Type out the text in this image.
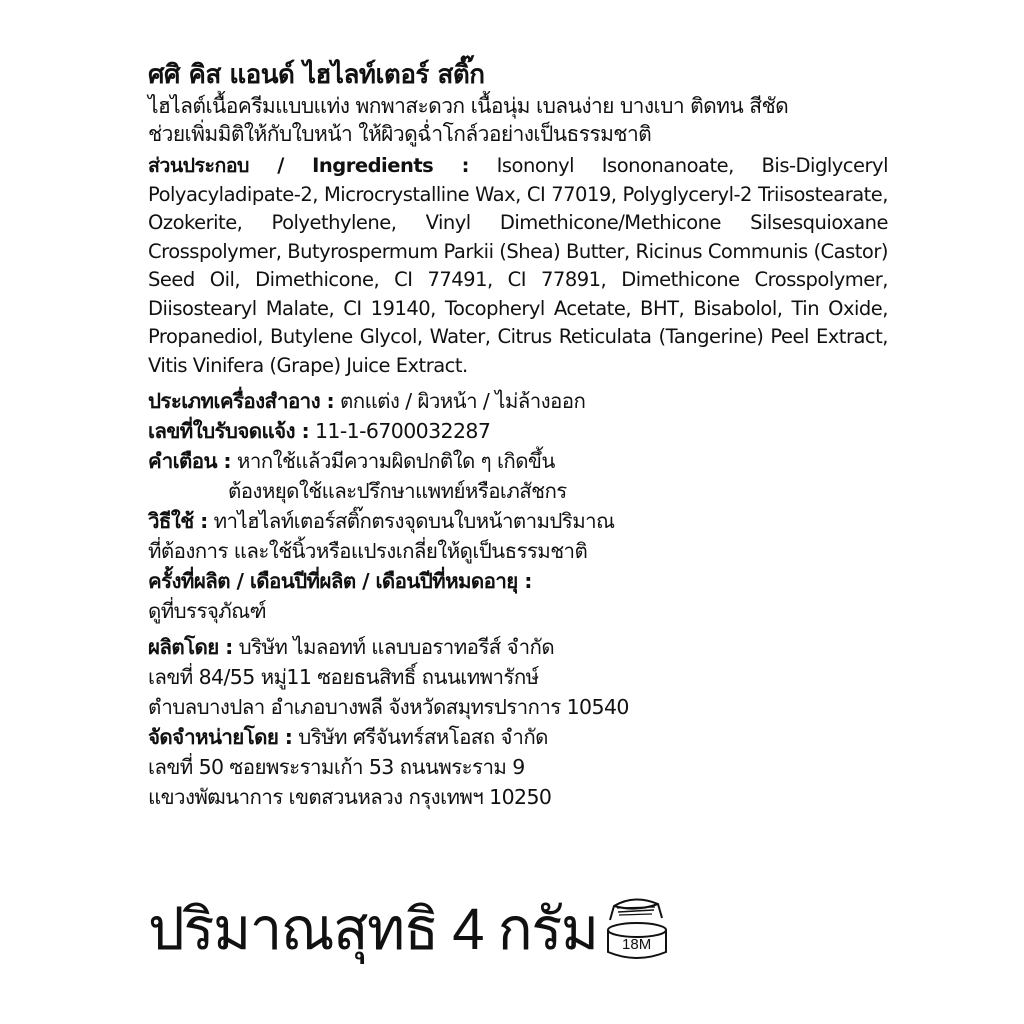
ศศิ คิส แอนด์ ไฮไลท์เตอร์ สติ๊ก
ไฮไลต์เนื้อครีมแบบแท่ง พกพาสะดวก เนื้อนุ่ม เบลนง่าย บางเบา ติดทน สีชัด
ช่วยเพิ่มมิติให้กับใบหน้า ให้ผิวดูฉ่ำโกล์วอย่างเป็นธรรมชาติ
ส่วนประกอบ / Ingredients : Isononyl Isononanoate, Bis-Diglyceryl Polyacyladipate-2, Microcrystalline Wax, CI 77019, Polyglyceryl-2 Triisostearate, Ozokerite, Polyethylene, Vinyl Dimethicone/Methicone Silsesquioxane Crosspolymer, Butyrospermum Parkii (Shea) Butter, Ricinus Communis (Castor) Seed Oil, Dimethicone, CI 77491, CI 77891, Dimethicone Crosspolymer, Diisostearyl Malate, CI 19140, Tocopheryl Acetate, BHT, Bisabolol, Tin Oxide, Propanediol, Butylene Glycol, Water, Citrus Reticulata (Tangerine) Peel Extract, Vitis Vinifera (Grape) Juice Extract.
ประเภทเครื่องสำอาง : ตกแต่ง / ผิวหน้า / ไม่ล้างออก
เลขที่ใบรับจดแจ้ง : 11-1-6700032287
คำเตือน : หากใช้แล้วมีความผิดปกติใด ๆ เกิดขึ้น
ต้องหยุดใช้และปรึกษาแพทย์หรือเภสัชกร
วิธีใช้ : ทาไฮไลท์เตอร์สติ๊กตรงจุดบนใบหน้าตามปริมาณ
ที่ต้องการ และใช้นิ้วหรือแปรงเกลี่ยให้ดูเป็นธรรมชาติ
ครั้งที่ผลิต / เดือนปีที่ผลิต / เดือนปีที่หมดอายุ :
ดูที่บรรจุภัณฑ์
ผลิตโดย : บริษัท ไมลอทท์ แลบบอราทอรีส์ จำกัด
เลขที่ 84/55 หมู่11 ซอยธนสิทธิ์ ถนนเทพารักษ์
ตำบลบางปลา อำเภอบางพลี จังหวัดสมุทรปราการ 10540
จัดจำหน่ายโดย : บริษัท ศรีจันทร์สหโอสถ จำกัด
เลขที่ 50 ซอยพระรามเก้า 53 ถนนพระราม 9
แขวงพัฒนาการ เขตสวนหลวง กรุงเทพฯ 10250
ปริมาณสุทธิ 4 กรัม	18M
